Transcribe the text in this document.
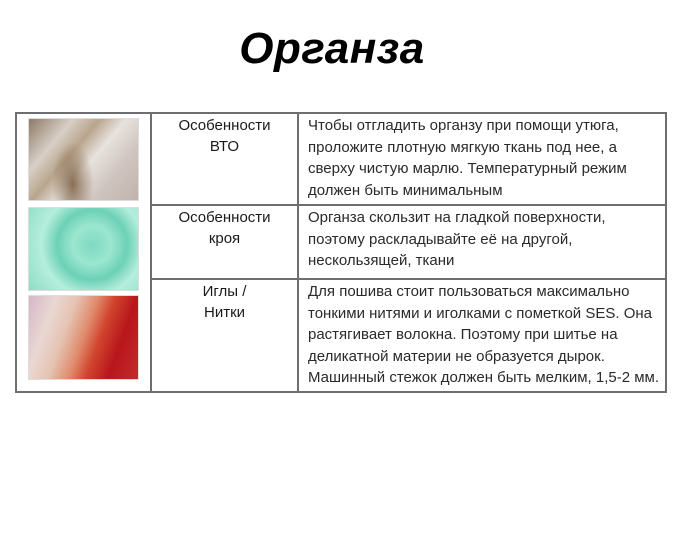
Органза
Особенности
ВТО
Чтобы отгладить органзу при помощи утюга, проложите плотную мягкую ткань под нее, а сверху чистую марлю. Температурный режим должен быть минимальным
Особенности
кроя
Органза скользит на гладкой поверхности, поэтому раскладывайте её на другой, нескользящей, ткани
Иглы /
Нитки
Для пошива стоит пользоваться максимально тонкими нитями и иголками с пометкой SES. Она растягивает волокна. Поэтому при шитье на деликатной материи не образуется дырок. Машинный стежок должен быть мелким, 1,5-2 мм.
